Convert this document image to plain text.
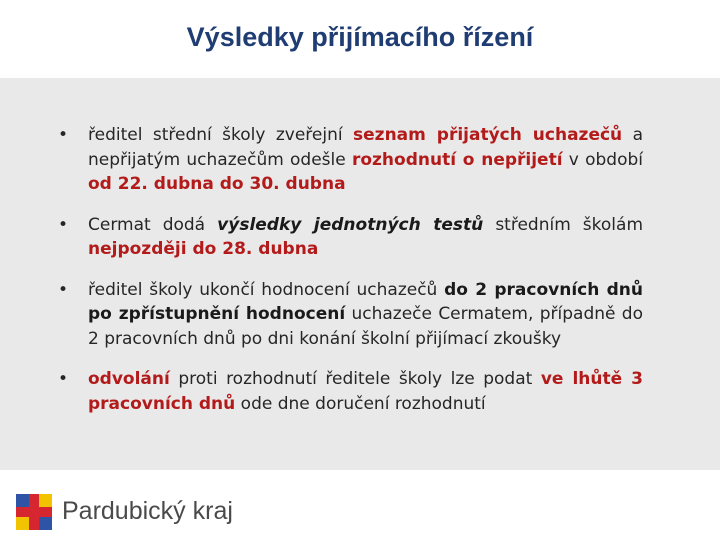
Výsledky přijímacího řízení
• ředitel střední školy zveřejní seznam přijatých uchazečů a nepřijatým uchazečům odešle rozhodnutí o nepřijetí v období od 22. dubna do 30. dubna
• Cermat dodá výsledky jednotných testů středním školám nejpozději do 28. dubna
• ředitel školy ukončí hodnocení uchazečů do 2 pracovních dnů po zpřístupnění hodnocení uchazeče Cermatem, případně do 2 pracovních dnů po dni konání školní přijímací zkoušky
• odvolání proti rozhodnutí ředitele školy lze podat ve lhůtě 3 pracovních dnů ode dne doručení rozhodnutí
Pardubický kraj
